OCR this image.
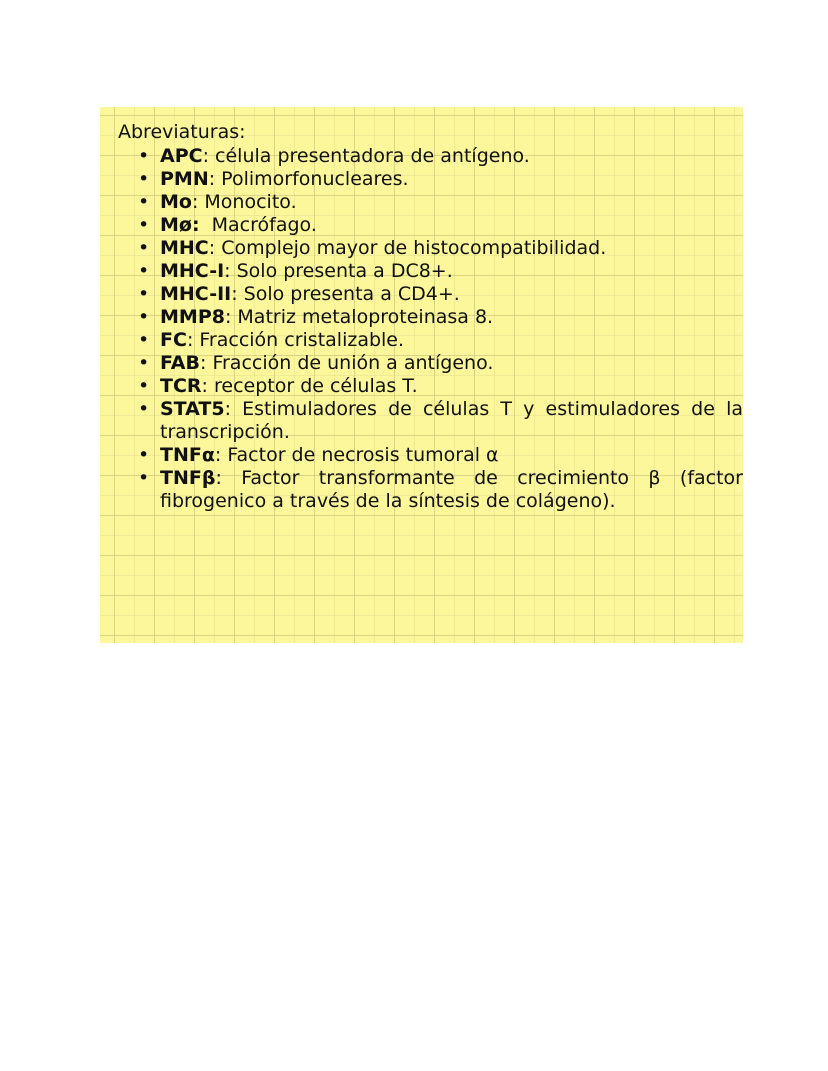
Abreviaturas:
• APC: célula presentadora de antígeno.
• PMN: Polimorfonucleares.
• Mo: Monocito.
• Mø:  Macrófago.
• MHC: Complejo mayor de histocompatibilidad.
• MHC-I: Solo presenta a DC8+.
• MHC-II: Solo presenta a CD4+.
• MMP8: Matriz metaloproteinasa 8.
• FC: Fracción cristalizable.
• FAB: Fracción de unión a antígeno.
• TCR: receptor de células T.
• STAT5: Estimuladores de células T y estimuladores de la transcripción.
• TNFα: Factor de necrosis tumoral α
• TNFβ: Factor transformante de crecimiento β (factor fibrogenico a través de la síntesis de colágeno).
